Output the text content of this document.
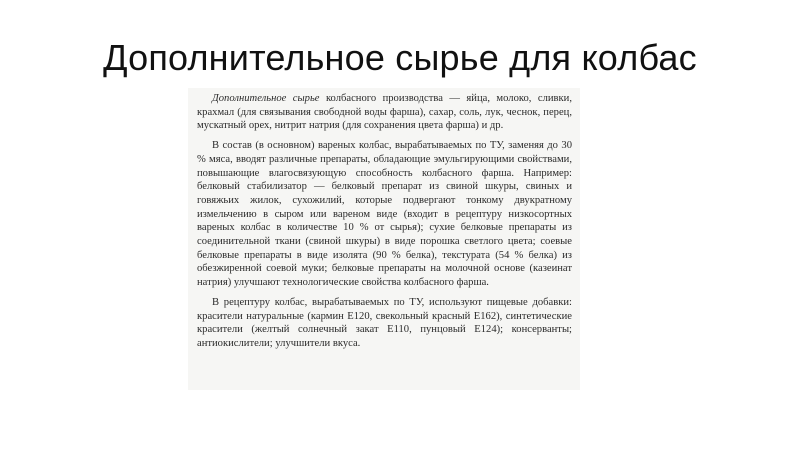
Дополнительное сырье для колбас

Дополнительное сырье колбасного производства — яйца, молоко, сливки, крахмал (для связывания свободной воды фарша), сахар, соль, лук, чеснок, перец, мускатный орех, нитрит натрия (для сохранения цвета фарша) и др.

В состав (в основном) вареных колбас, вырабатываемых по ТУ, заменяя до 30 % мяса, вводят различные препараты, обладающие эмульгирующими свойствами, повышающие влагосвязующую способность колбасного фарша. Например: белковый стабилизатор — белковый препарат из свиной шкуры, свиных и говяжьих жилок, сухожилий, которые подвергают тонкому двукратному измельчению в сыром или вареном виде (входит в рецептуру низкосортных вареных колбас в количестве 10 % от сырья); сухие белковые препараты из соединительной ткани (свиной шкуры) в виде порошка светлого цвета; соевые белковые препараты в виде изолята (90 % белка), текстурата (54 % белка) из обезжиренной соевой муки; белковые препараты на молочной основе (казеинат натрия) улучшают технологические свойства колбасного фарша.

В рецептуру колбас, вырабатываемых по ТУ, используют пищевые добавки: красители натуральные (кармин Е120, свекольный красный Е162), синтетические красители (желтый солнечный закат Е110, пунцовый Е124); консерванты; антиокислители; улучшители вкуса.
